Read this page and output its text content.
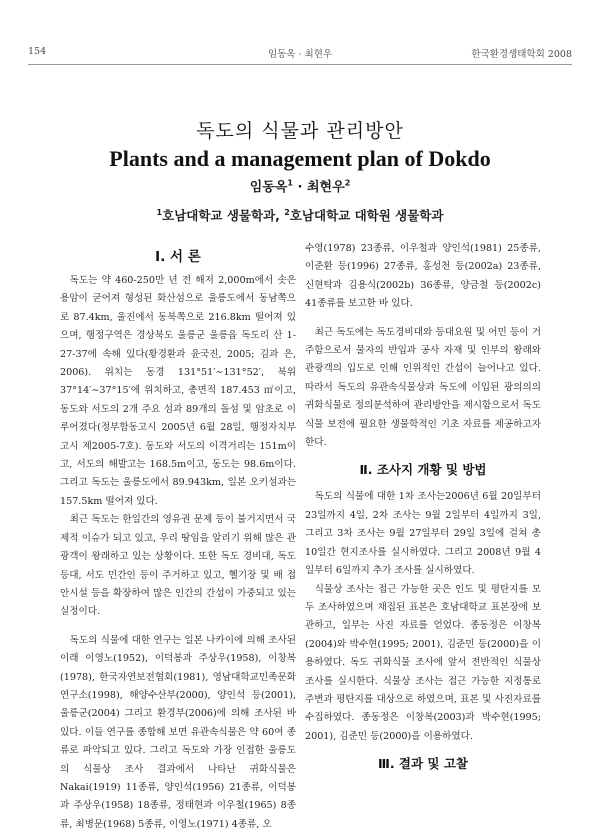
154	임동옥 · 최현우	한국환경생태학회 2008
독도의 식물과 관리방안
Plants and a management plan of Dokdo
임동옥$^1$ · 최현우$^2$
$^1$호남대학교 생물학과, $^2$호남대학교 대학원 생물학과
Ⅰ. 서 론

독도는 약 460-250만 년 전 해저 2,000m에서 솟은 용암이 굳어져 형성된 화산섬으로 울릉도에서 동남쪽으로 87.4km, 울진에서 동북쪽으로 216.8km 떨어져 있으며, 행정구역은 경상북도 울릉군 울릉읍 독도리 산 1-27-37에 속해 있다(황경환과 윤국진, 2005; 김과 은, 2006). 위치는 동경 131°51′∼131°52′, 북위 37°14′∼37°15′에 위치하고, 총면적 187.453 ㎡이고, 동도와 서도의 2개 주요 섬과 89개의 돌섬 및 암초로 이루어졌다(정부합동고시 2005년 6월 28일, 행정자치부고시 제2005-7호). 동도와 서도의 이격거리는 151m이고, 서도의 해발고는 168.5m이고, 동도는 98.6m이다. 그리고 독도는 울릉도에서 89.943km, 일본 오키섬과는 157.5km 떨어져 있다.

최근 독도는 한일간의 영유권 문제 등이 불거지면서 국제적 이슈가 되고 있고, 우리 땅임을 알리기 위해 많은 관광객이 왕래하고 있는 상황이다. 또한 독도 경비대, 독도 등대, 서도 민간인 등이 주거하고 있고, 헬기장 및 배 접안시설 등을 확장하여 많은 인간의 간섭이 가중되고 있는 실정이다.

독도의 식물에 대한 연구는 일본 나카이에 의해 조사된 이래 이영노(1952), 이덕봉과 주상우(1958), 이창복(1978), 한국자연보전협회(1981), 영남대학교민족문화연구소(1998), 해양수산부(2000), 양인석 등(2001), 울릉군(2004) 그리고 환경부(2006)에 의해 조사된 바 있다. 이들 연구를 종합해 보면 유관속식물은 약 60여 종류로 파악되고 있다. 그리고 독도와 가장 인접한 울릉도의 식물상 조사 결과에서 나타난 귀화식물은 Nakai(1919) 11종류, 양인석(1956) 21종류, 이덕봉과 주상우(1958) 18종류, 정태현과 이우철(1965) 8종류, 최병문(1968) 5종류, 이영노(1971) 4종류, 오

수영(1978) 23종류, 이우철과 양인석(1981) 25종류, 이준환 등(1996) 27종류, 홍성천 등(2002a) 23종류, 신현탁과 김용식(2002b) 36종류, 양금철 등(2002c) 41종류를 보고한 바 있다.

최근 독도에는 독도경비대와 등대요원 및 어민 등이 거주함으로서 물자의 반입과 공사 자재 및 인부의 왕래와 관광객의 입도로 인해 인위적인 간섭이 늘어나고 있다. 따라서 독도의 유관속식물상과 독도에 이입된 광의의의 귀화식물로 정의분석하여 관리방안을 제시함으로서 독도식물 보전에 필요한 생물학적인 기초 자료를 제공하고자 한다.

Ⅱ. 조사지 개황 및 방법

독도의 식물에 대한 1차 조사는2006년 6월 20일부터 23일까지 4일, 2차 조사는 9월 2일부터 4일까지 3일, 그리고 3차 조사는 9월 27일부터 29일 3일에 걸쳐 총 10일간 현지조사를 실시하였다. 그리고 2008년 9월 4일부터 6일까지 추가 조사를 실시하였다.

식물상 조사는 접근 가능한 곳은 인도 및 평탄지를 모두 조사하였으며 채집된 표본은 호남대학교 표본장에 보관하고, 일부는 사진 자료를 얻었다. 종동정은 이창복(2004)와 박수현(1995; 2001), 김준민 등(2000)을 이용하였다. 독도 귀화식물 조사에 앞서 전반적인 식물상 조사를 실시한다. 식물상 조사는 접근 가능한 지정통로 주변과 평탄지를 대상으로 하였으며, 표본 및 사진자료를 수집하였다. 종동정은 이창복(2003)과 박수현(1995; 2001), 김준민 등(2000)을 이용하였다.

Ⅲ. 결과 및 고찰
